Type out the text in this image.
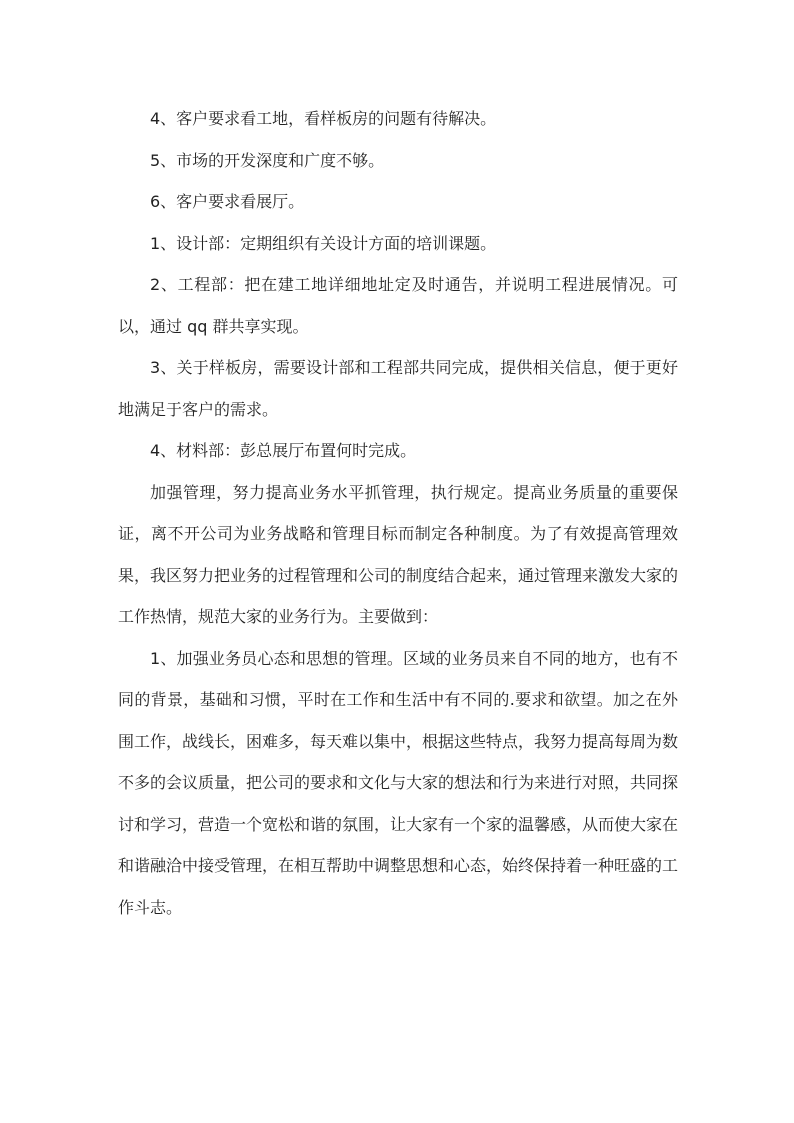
4、客户要求看工地，看样板房的问题有待解决。

5、市场的开发深度和广度不够。

6、客户要求看展厅。

1、设计部：定期组织有关设计方面的培训课题。

2、工程部：把在建工地详细地址定及时通告，并说明工程进展情况。可以，通过 qq 群共享实现。

3、关于样板房，需要设计部和工程部共同完成，提供相关信息，便于更好地满足于客户的需求。

4、材料部：彭总展厅布置何时完成。

加强管理，努力提高业务水平抓管理，执行规定。提高业务质量的重要保证，离不开公司为业务战略和管理目标而制定各种制度。为了有效提高管理效果，我区努力把业务的过程管理和公司的制度结合起来，通过管理来激发大家的工作热情，规范大家的业务行为。主要做到：

1、加强业务员心态和思想的管理。区域的业务员来自不同的地方，也有不同的背景，基础和习惯，平时在工作和生活中有不同的.要求和欲望。加之在外围工作，战线长，困难多，每天难以集中，根据这些特点，我努力提高每周为数不多的会议质量，把公司的要求和文化与大家的想法和行为来进行对照，共同探讨和学习，营造一个宽松和谐的氛围，让大家有一个家的温馨感，从而使大家在和谐融洽中接受管理，在相互帮助中调整思想和心态，始终保持着一种旺盛的工作斗志。
